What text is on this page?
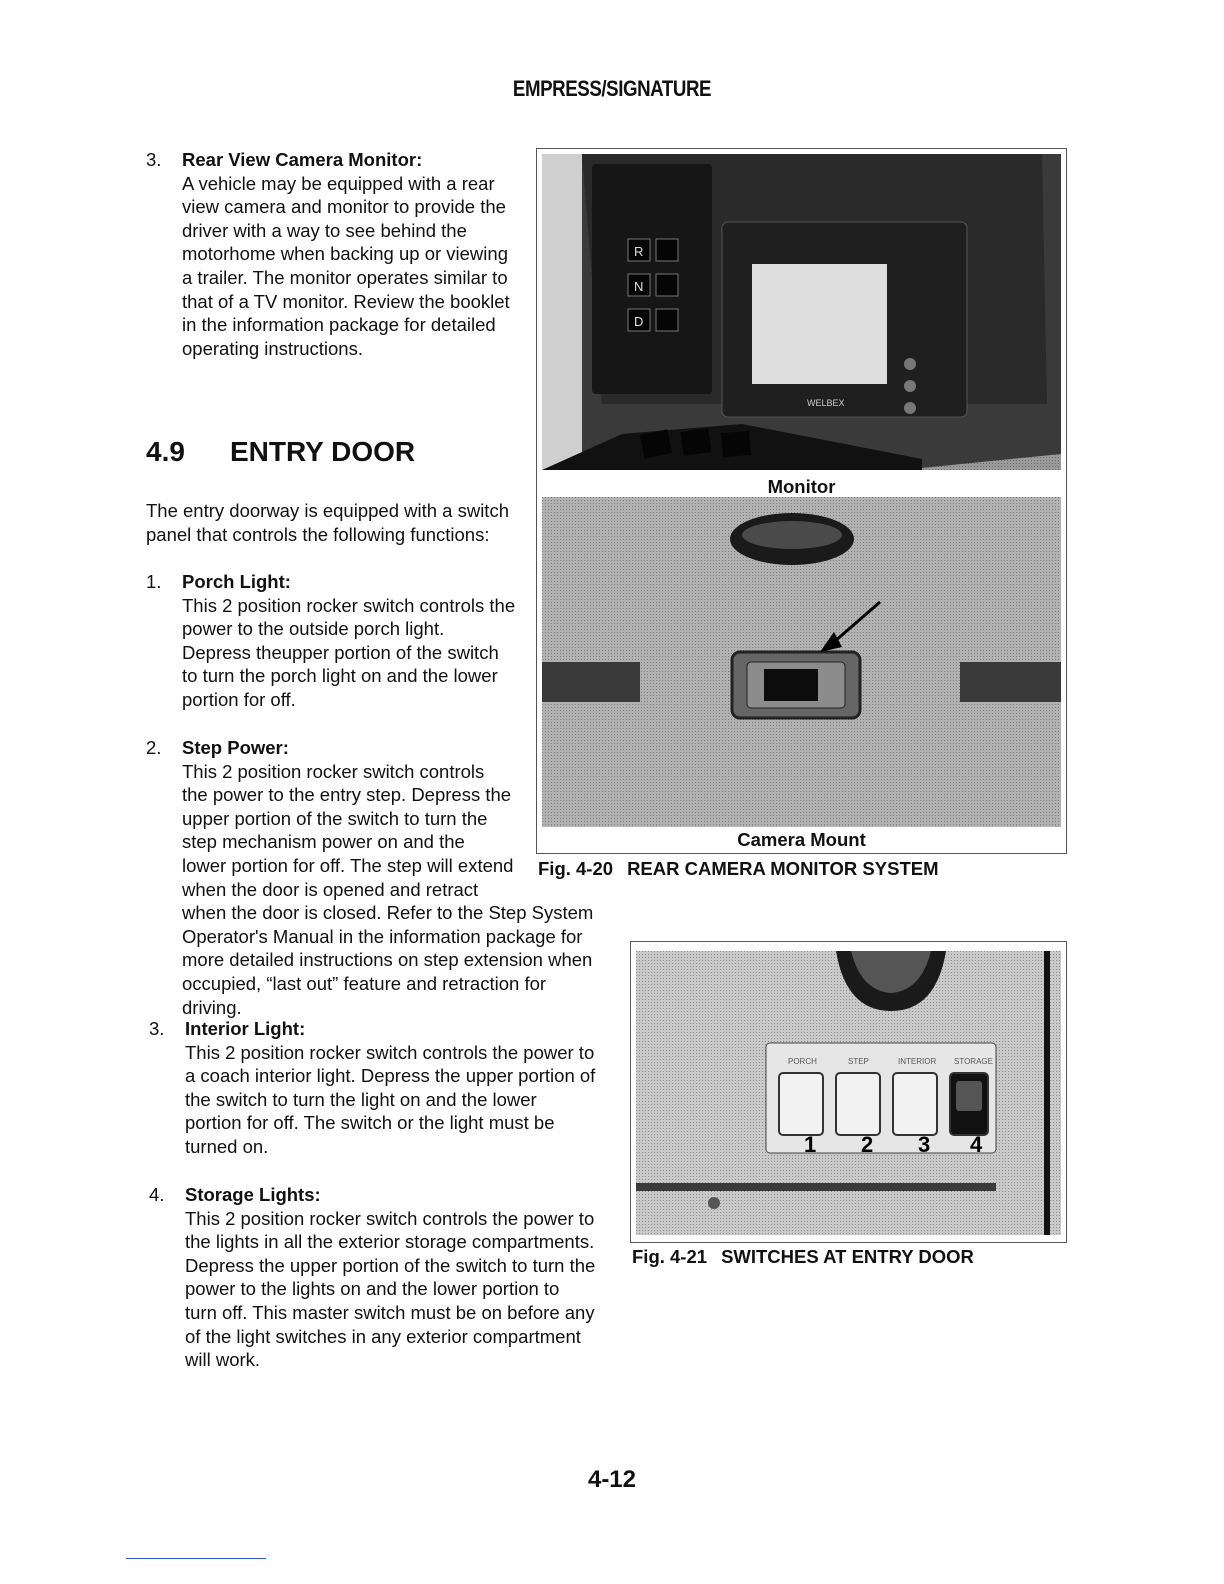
EMPRESS/SIGNATURE
3. Rear View Camera Monitor:
A vehicle may be equipped with a rear view camera and monitor to provide the driver with a way to see behind the motorhome when backing up or viewing a trailer. The monitor operates similar to that of a TV monitor. Review the booklet in the information package for detailed operating instructions.
4.9 ENTRY DOOR
The entry doorway is equipped with a switch panel that controls the following functions:
1. Porch Light:
This 2 position rocker switch controls the power to the outside porch light. Depress theupper portion of the switch to turn the porch light on and the lower portion for off.
2. Step Power:
This 2 position rocker switch controls the power to the entry step. Depress the upper portion of the switch to turn the step mechanism power on and the lower portion for off. The step will extend when the door is opened and retract when the door is closed. Refer to the Step System Operator's Manual in the information package for more detailed instructions on step extension when occupied, “last out” feature and retraction for driving.
3. Interior Light:
This 2 position rocker switch controls the power to a coach interior light. Depress the upper portion of the switch to turn the light on and the lower portion for off. The switch or the light must be turned on.
4. Storage Lights:
This 2 position rocker switch controls the power to the lights in all the exterior storage compartments. Depress the upper portion of the switch to turn the power to the lights on and the lower portion to turn off. This master switch must be on before any of the light switches in any exterior compartment will work.
R
N
D
WELBEX
Monitor
Camera Mount
Fig. 4-20 REAR CAMERA MONITOR SYSTEM
PORCH	STEP	INTERIOR STORAGE
1 2 3 4
Fig. 4-21 SWITCHES AT ENTRY DOOR
4-12
